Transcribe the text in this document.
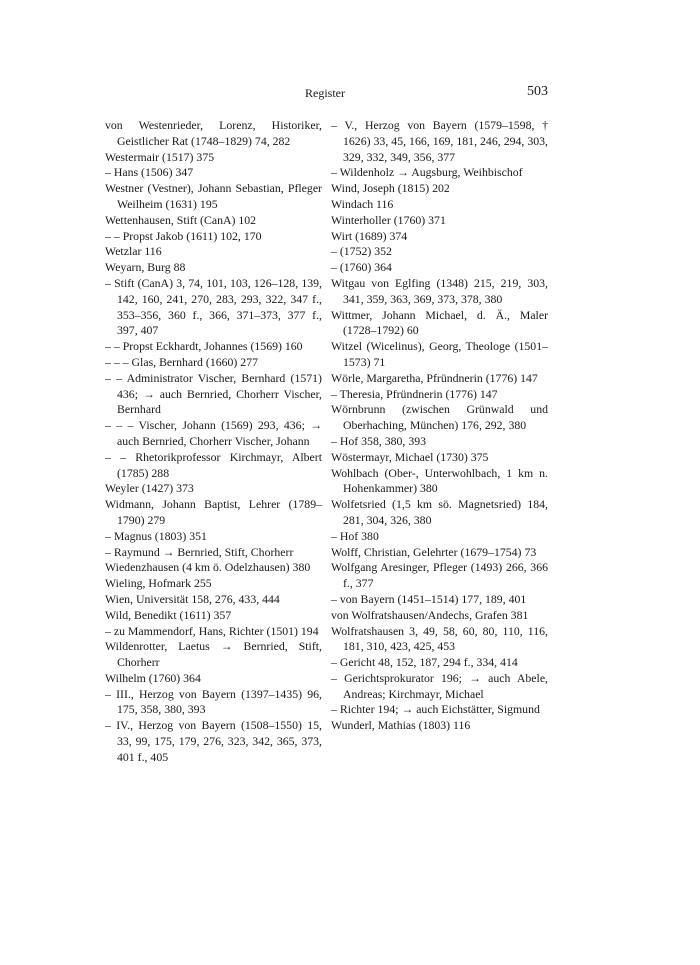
Register	503
von Westenrieder, Lorenz, Historiker, Geistlicher Rat (1748–1829) 74, 282
Westermair (1517) 375
– Hans (1506) 347
Westner (Vestner), Johann Sebastian, Pfleger Weilheim (1631) 195
Wettenhausen, Stift (CanA) 102
– – Propst Jakob (1611) 102, 170
Wetzlar 116
Weyarn, Burg 88
– Stift (CanA) 3, 74, 101, 103, 126–128, 139, 142, 160, 241, 270, 283, 293, 322, 347 f., 353–356, 360 f., 366, 371–373, 377 f., 397, 407
– – Propst Eckhardt, Johannes (1569) 160
– – – Glas, Bernhard (1660) 277
– – Administrator Vischer, Bernhard (1571) 436; → auch Bernried, Chorherr Vischer, Bernhard
– – – Vischer, Johann (1569) 293, 436; → auch Bernried, Chorherr Vischer, Johann
– – Rhetorikprofessor Kirchmayr, Albert (1785) 288
Weyler (1427) 373
Widmann, Johann Baptist, Lehrer (1789–1790) 279
– Magnus (1803) 351
– Raymund → Bernried, Stift, Chorherr
Wiedenzhausen (4 km ö. Odelzhausen) 380
Wieling, Hofmark 255
Wien, Universität 158, 276, 433, 444
Wild, Benedikt (1611) 357
– zu Mammendorf, Hans, Richter (1501) 194
Wildenrotter, Laetus → Bernried, Stift, Chorherr
Wilhelm (1760) 364
– III., Herzog von Bayern (1397–1435) 96, 175, 358, 380, 393
– IV., Herzog von Bayern (1508–1550) 15, 33, 99, 175, 179, 276, 323, 342, 365, 373, 401 f., 405
– V., Herzog von Bayern (1579–1598, † 1626) 33, 45, 166, 169, 181, 246, 294, 303, 329, 332, 349, 356, 377
– Wildenholz → Augsburg, Weihbischof
Wind, Joseph (1815) 202
Windach 116
Winterholler (1760) 371
Wirt (1689) 374
– (1752) 352
– (1760) 364
Witgau von Eglfing (1348) 215, 219, 303, 341, 359, 363, 369, 373, 378, 380
Wittmer, Johann Michael, d. Ä., Maler (1728–1792) 60
Witzel (Wicelinus), Georg, Theologe (1501–1573) 71
Wörle, Margaretha, Pfründnerin (1776) 147
– Theresia, Pfründnerin (1776) 147
Wörnbrunn (zwischen Grünwald und Oberhaching, München) 176, 292, 380
– Hof 358, 380, 393
Wöstermayr, Michael (1730) 375
Wohlbach (Ober-, Unterwohlbach, 1 km n. Hohenkammer) 380
Wolfetsried (1,5 km sö. Magnetsried) 184, 281, 304, 326, 380
– Hof 380
Wolff, Christian, Gelehrter (1679–1754) 73
Wolfgang Aresinger, Pfleger (1493) 266, 366 f., 377
– von Bayern (1451–1514) 177, 189, 401
von Wolfratshausen/Andechs, Grafen 381
Wolfratshausen 3, 49, 58, 60, 80, 110, 116, 181, 310, 423, 425, 453
– Gericht 48, 152, 187, 294 f., 334, 414
– Gerichtsprokurator 196; → auch Abele, Andreas; Kirchmayr, Michael
– Richter 194; → auch Eichstätter, Sigmund
Wunderl, Mathias (1803) 116
